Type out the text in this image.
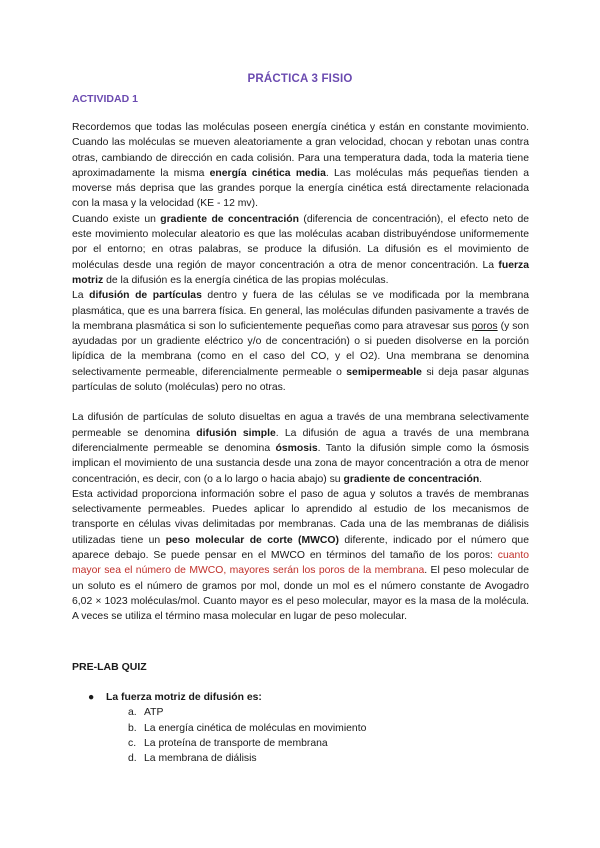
PRÁCTICA 3 FISIO
ACTIVIDAD 1

Recordemos que todas las moléculas poseen energía cinética y están en constante movimiento. Cuando las moléculas se mueven aleatoriamente a gran velocidad, chocan y rebotan unas contra otras, cambiando de dirección en cada colisión. Para una temperatura dada, toda la materia tiene aproximadamente la misma energía cinética media. Las moléculas más pequeñas tienden a moverse más deprisa que las grandes porque la energía cinética está directamente relacionada con la masa y la velocidad (KE - 12 mv).

Cuando existe un gradiente de concentración (diferencia de concentración), el efecto neto de este movimiento molecular aleatorio es que las moléculas acaban distribuyéndose uniformemente por el entorno; en otras palabras, se produce la difusión. La difusión es el movimiento de moléculas desde una región de mayor concentración a otra de menor concentración. La fuerza motriz de la difusión es la energía cinética de las propias moléculas.

La difusión de partículas dentro y fuera de las células se ve modificada por la membrana plasmática, que es una barrera física. En general, las moléculas difunden pasivamente a través de la membrana plasmática si son lo suficientemente pequeñas como para atravesar sus poros (y son ayudadas por un gradiente eléctrico y/o de concentración) o si pueden disolverse en la porción lipídica de la membrana (como en el caso del CO, y el O2). Una membrana se denomina selectivamente permeable, diferencialmente permeable o semipermeable si deja pasar algunas partículas de soluto (moléculas) pero no otras.

La difusión de partículas de soluto disueltas en agua a través de una membrana selectivamente permeable se denomina difusión simple. La difusión de agua a través de una membrana diferencialmente permeable se denomina ósmosis. Tanto la difusión simple como la ósmosis implican el movimiento de una sustancia desde una zona de mayor concentración a otra de menor concentración, es decir, con (o a lo largo o hacia abajo) su gradiente de concentración.

Esta actividad proporciona información sobre el paso de agua y solutos a través de membranas selectivamente permeables. Puedes aplicar lo aprendido al estudio de los mecanismos de transporte en células vivas delimitadas por membranas. Cada una de las membranas de diálisis utilizadas tiene un peso molecular de corte (MWCO) diferente, indicado por el número que aparece debajo. Se puede pensar en el MWCO en términos del tamaño de los poros: cuanto mayor sea el número de MWCO, mayores serán los poros de la membrana. El peso molecular de un soluto es el número de gramos por mol, donde un mol es el número constante de Avogadro 6,02 × 1023 moléculas/mol. Cuanto mayor es el peso molecular, mayor es la masa de la molécula. A veces se utiliza el término masa molecular en lugar de peso molecular.

PRE-LAB QUIZ
● La fuerza motriz de difusión es:
a. ATP
b. La energía cinética de moléculas en movimiento
c. La proteína de transporte de membrana
d. La membrana de diálisis
